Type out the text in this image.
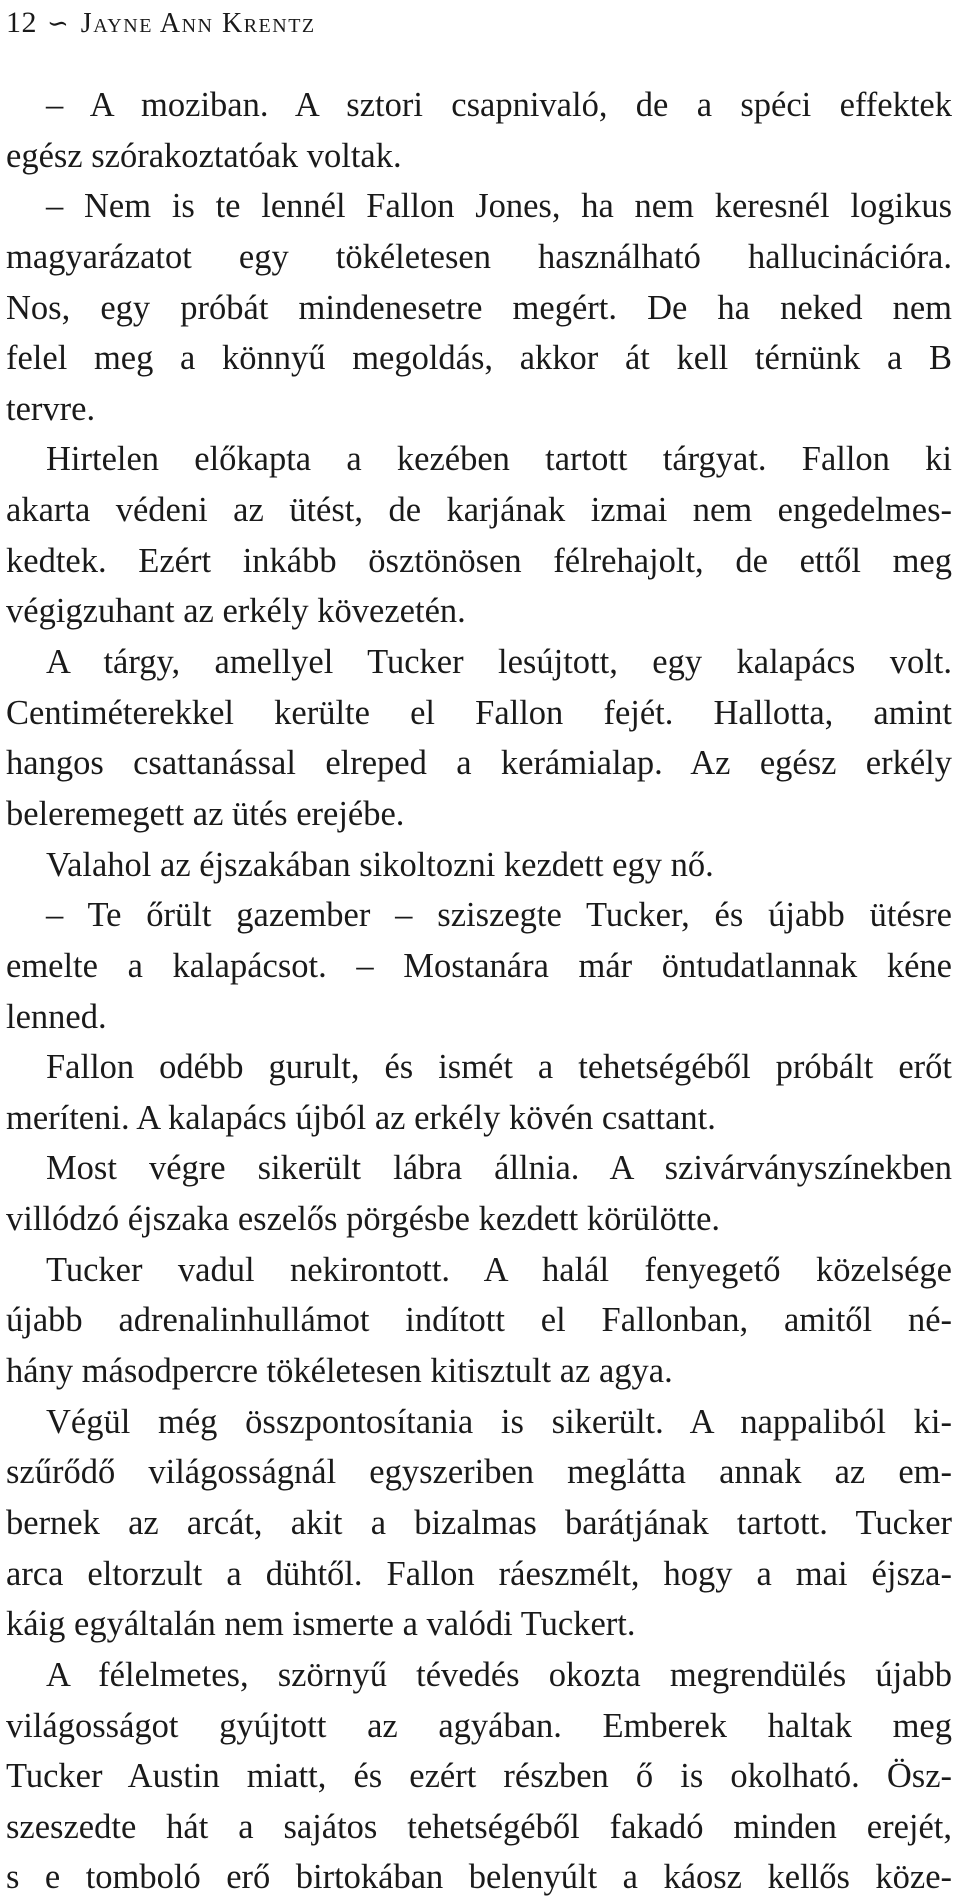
12 ∽ Jayne Ann Krentz
– A moziban. A sztori csapnivaló, de a spéci effektek
egész szórakoztatóak voltak.
– Nem is te lennél Fallon Jones, ha nem keresnél logikus
magyarázatot egy tökéletesen használható hallucinációra.
Nos, egy próbát mindenesetre megért. De ha neked nem
felel meg a könnyű megoldás, akkor át kell térnünk a B
tervre.
Hirtelen előkapta a kezében tartott tárgyat. Fallon ki
akarta védeni az ütést, de karjának izmai nem engedelmes-
kedtek. Ezért inkább ösztönösen félrehajolt, de ettől meg
végigzuhant az erkély kövezetén.
A tárgy, amellyel Tucker lesújtott, egy kalapács volt.
Centiméterekkel kerülte el Fallon fejét. Hallotta, amint
hangos csattanással elreped a kerámialap. Az egész erkély
beleremegett az ütés erejébe.
Valahol az éjszakában sikoltozni kezdett egy nő.
– Te őrült gazember – sziszegte Tucker, és újabb ütésre
emelte a kalapácsot. – Mostanára már öntudatlannak kéne
lenned.
Fallon odébb gurult, és ismét a tehetségéből próbált erőt
meríteni. A kalapács újból az erkély kövén csattant.
Most végre sikerült lábra állnia. A szivárványszínekben
villódzó éjszaka eszelős pörgésbe kezdett körülötte.
Tucker vadul nekirontott. A halál fenyegető közelsége
újabb adrenalinhullámot indított el Fallonban, amitől né-
hány másodpercre tökéletesen kitisztult az agya.
Végül még összpontosítania is sikerült. A nappaliból ki-
szűrődő világosságnál egyszeriben meglátta annak az em-
bernek az arcát, akit a bizalmas barátjának tartott. Tucker
arca eltorzult a dühtől. Fallon ráeszmélt, hogy a mai éjsza-
káig egyáltalán nem ismerte a valódi Tuckert.
A félelmetes, szörnyű tévedés okozta megrendülés újabb
világosságot gyújtott az agyában. Emberek haltak meg
Tucker Austin miatt, és ezért részben ő is okolható. Ösz-
szeszedte hát a sajátos tehetségéből fakadó minden erejét,
s e tomboló erő birtokában belenyúlt a káosz kellős köze-
